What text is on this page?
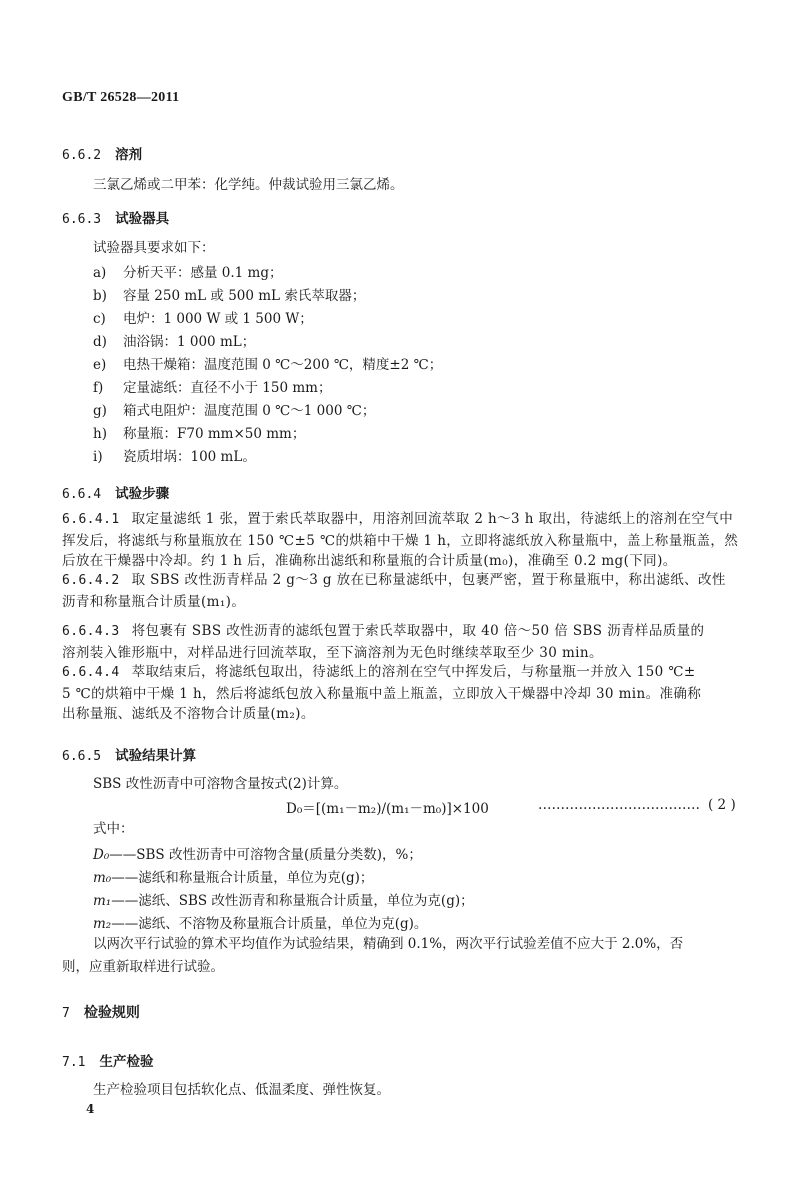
GB/T 26528—2011
6.6.2 溶剂
三氯乙烯或二甲苯：化学纯。仲裁试验用三氯乙烯。
6.6.3 试验器具
试验器具要求如下：
a) 分析天平：感量 0.1 mg；
b) 容量 250 mL 或 500 mL 索氏萃取器；
c) 电炉：1 000 W 或 1 500 W；
d) 油浴锅：1 000 mL；
e) 电热干燥箱：温度范围 0 ℃～200 ℃，精度±2 ℃；
f) 定量滤纸：直径不小于 150 mm；
g) 箱式电阻炉：温度范围 0 ℃～1 000 ℃；
h) 称量瓶：F70 mm×50 mm；
i) 瓷质坩埚：100 mL。
6.6.4 试验步骤
6.6.4.1 取定量滤纸 1 张，置于索氏萃取器中，用溶剂回流萃取 2 h～3 h 取出，待滤纸上的溶剂在空气中
挥发后，将滤纸与称量瓶放在 150 ℃±5 ℃的烘箱中干燥 1 h，立即将滤纸放入称量瓶中，盖上称量瓶盖，然
后放在干燥器中冷却。约 1 h 后，准确称出滤纸和称量瓶的合计质量(m₀)，准确至 0.2 mg(下同)。
6.6.4.2 取 SBS 改性沥青样品 2 g～3 g 放在已称量滤纸中，包裹严密，置于称量瓶中，称出滤纸、改性
沥青和称量瓶合计质量(m₁)。
6.6.4.3 将包裹有 SBS 改性沥青的滤纸包置于索氏萃取器中，取 40 倍～50 倍 SBS 沥青样品质量的
溶剂装入锥形瓶中，对样品进行回流萃取，至下滴溶剂为无色时继续萃取至少 30 min。
6.6.4.4 萃取结束后，将滤纸包取出，待滤纸上的溶剂在空气中挥发后，与称量瓶一并放入 150 ℃±
5 ℃的烘箱中干燥 1 h，然后将滤纸包放入称量瓶中盖上瓶盖，立即放入干燥器中冷却 30 min。准确称
出称量瓶、滤纸及不溶物合计质量(m₂)。
6.6.5 试验结果计算
SBS 改性沥青中可溶物含量按式(2)计算。
D₀＝[(m₁－m₂)/(m₁－m₀)]×100	……………………………… ( 2 )
式中：
D₀——SBS 改性沥青中可溶物含量(质量分类数)，%；
m₀——滤纸和称量瓶合计质量，单位为克(g)；
m₁——滤纸、SBS 改性沥青和称量瓶合计质量，单位为克(g)；
m₂——滤纸、不溶物及称量瓶合计质量，单位为克(g)。
以两次平行试验的算术平均值作为试验结果，精确到 0.1%，两次平行试验差值不应大于 2.0%，否
则，应重新取样进行试验。
7 检验规则
7.1 生产检验
生产检验项目包括软化点、低温柔度、弹性恢复。
4
